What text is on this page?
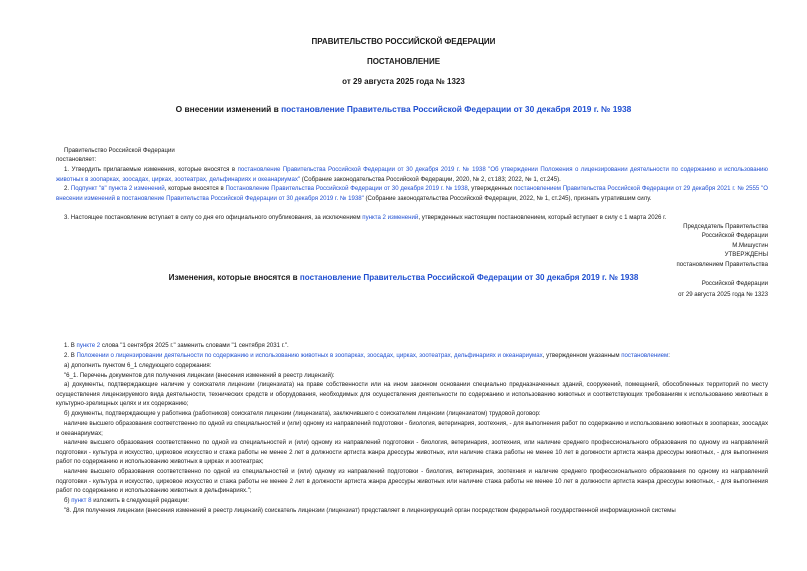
ПРАВИТЕЛЬСТВО РОССИЙСКОЙ ФЕДЕРАЦИИ
ПОСТАНОВЛЕНИЕ
от 29 августа 2025 года № 1323
О внесении изменений в постановление Правительства Российской Федерации от 30 декабря 2019 г. № 1938
Правительство Российской Федерации
постановляет:
1. Утвердить прилагаемые изменения, которые вносятся в постановление Правительства Российской Федерации от 30 декабря 2019 г. № 1938 "Об утверждении Положения о лицензировании деятельности по содержанию и использованию животных в зоопарках, зоосадах, цирках, зоотеатрах, дельфинариях и океанариумах" (Собрание законодательства Российской Федерации, 2020, № 2, ст.183; 2022, № 1, ст.245).
2. Подпункт "в" пункта 2 изменений, которые вносятся в Постановление Правительства Российской Федерации от 30 декабря 2019 г. № 1938, утвержденных постановлением Правительства Российской Федерации от 29 декабря 2021 г. № 2555 "О внесении изменений в постановление Правительства Российской Федерации от 30 декабря 2019 г. № 1938" (Собрание законодательства Российской Федерации, 2022, № 1, ст.245), признать утратившим силу.
3. Настоящее постановление вступает в силу со дня его официального опубликования, за исключением пункта 2 изменений, утвержденных настоящим постановлением, который вступает в силу с 1 марта 2026 г.
Председатель Правительства
Российской Федерации
М.Мишустин
УТВЕРЖДЕНЫ
постановлением Правительства
Российской Федерации
от 29 августа 2025 года № 1323
Изменения, которые вносятся в постановление Правительства Российской Федерации от 30 декабря 2019 г. № 1938
1. В пункте 2 слова "1 сентября 2025 г." заменить словами "1 сентября 2031 г.".
2. В Положении о лицензировании деятельности по содержанию и использованию животных в зоопарках, зоосадах, цирках, зоотеатрах, дельфинариях и океанариумах, утвержденном указанным постановлением:
а) дополнить пунктом 6_1 следующего содержания:
"6_1. Перечень документов для получения лицензии (внесения изменений в реестр лицензий):
а) документы, подтверждающие наличие у соискателя лицензии (лицензиата) на праве собственности или на ином законном основании специально предназначенных зданий, сооружений, помещений, обособленных территорий по месту осуществления лицензируемого вида деятельности, технических средств и оборудования, необходимых для осуществления деятельности по содержанию и использованию животных и соответствующих требованиям к использованию животных в культурно-зрелищных целях и их содержанию;
б) документы, подтверждающие у работника (работников) соискателя лицензии (лицензиата), заключившего с соискателем лицензии (лицензиатом) трудовой договор:
наличие высшего образования соответственно по одной из специальностей и (или) одному из направлений подготовки - биология, ветеринария, зоотехния, - для выполнения работ по содержанию и использованию животных в зоопарках, зоосадах и океанариумах;
наличие высшего образования соответственно по одной из специальностей и (или) одному из направлений подготовки - биология, ветеринария, зоотехния, или наличие среднего профессионального образования по одному из направлений подготовки - культура и искусство, цирковое искусство и стажа работы не менее 2 лет в должности артиста жанра дрессуры животных, или наличие стажа работы не менее 10 лет в должности артиста жанра дрессуры животных, - для выполнения работ по содержанию и использованию животных в цирках и зоотеатрах;
наличие высшего образования соответственно по одной из специальностей и (или) одному из направлений подготовки - биология, ветеринария, зоотехния и наличие среднего профессионального образования по одному из направлений подготовки - культура и искусство, цирковое искусство и стажа работы не менее 2 лет в должности артиста жанра дрессуры животных или наличие стажа работы не менее 10 лет в должности артиста жанра дрессуры животных, - для выполнения работ по содержанию и использованию животных в дельфинариях.";
б) пункт 8 изложить в следующей редакции:
"8. Для получения лицензии (внесения изменений в реестр лицензий) соискатель лицензии (лицензиат) представляет в лицензирующий орган посредством федеральной государственной информационной системы
